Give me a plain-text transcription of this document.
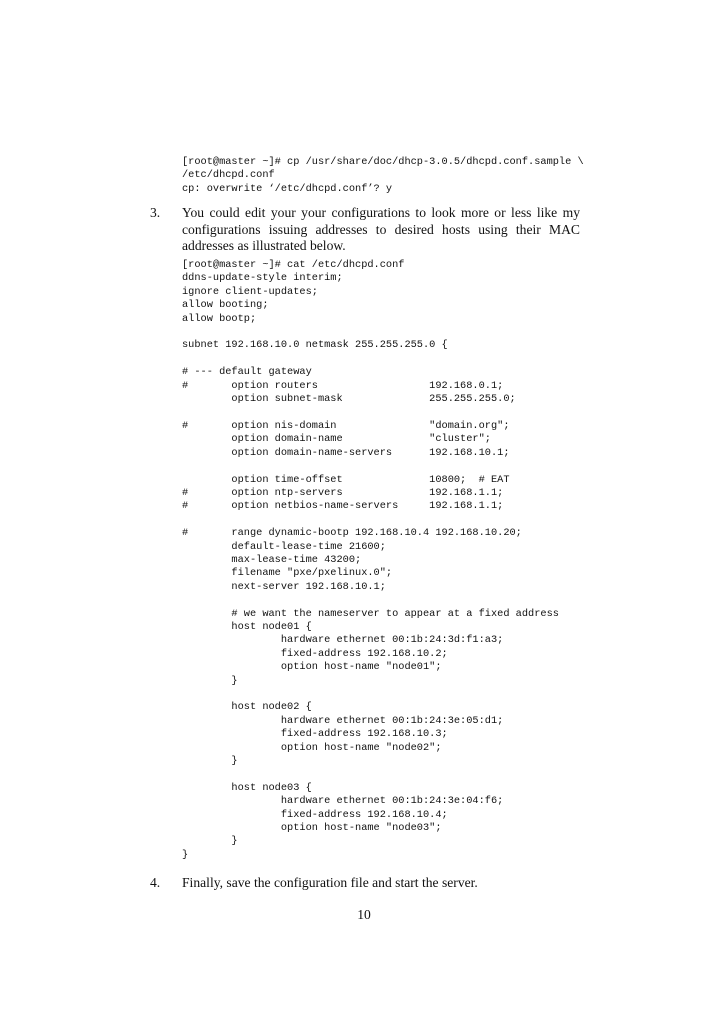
[root@master ~]# cp /usr/share/doc/dhcp-3.0.5/dhcpd.conf.sample \
/etc/dhcpd.conf
cp: overwrite ‘/etc/dhcpd.conf’? y
3. You could edit your your configurations to look more or less like my configurations issuing addresses to desired hosts using their MAC addresses as illustrated below.
[root@master ~]# cat /etc/dhcpd.conf
ddns-update-style interim;
ignore client-updates;
allow booting;
allow bootp;

subnet 192.168.10.0 netmask 255.255.255.0 {

# --- default gateway
#       option routers                  192.168.0.1;
option subnet-mask              255.255.255.0;

#       option nis-domain               "domain.org";
option domain-name              "cluster";
option domain-name-servers      192.168.10.1;

option time-offset              10800;  # EAT
#       option ntp-servers              192.168.1.1;
#       option netbios-name-servers     192.168.1.1;

#       range dynamic-bootp 192.168.10.4 192.168.10.20;
default-lease-time 21600;
max-lease-time 43200;
filename "pxe/pxelinux.0";
next-server 192.168.10.1;

# we want the nameserver to appear at a fixed address
host node01 {
hardware ethernet 00:1b:24:3d:f1:a3;
fixed-address 192.168.10.2;
option host-name "node01";
}

host node02 {
hardware ethernet 00:1b:24:3e:05:d1;
fixed-address 192.168.10.3;
option host-name "node02";
}

host node03 {
hardware ethernet 00:1b:24:3e:04:f6;
fixed-address 192.168.10.4;
option host-name "node03";
}
}
4. Finally, save the configuration file and start the server.
10
